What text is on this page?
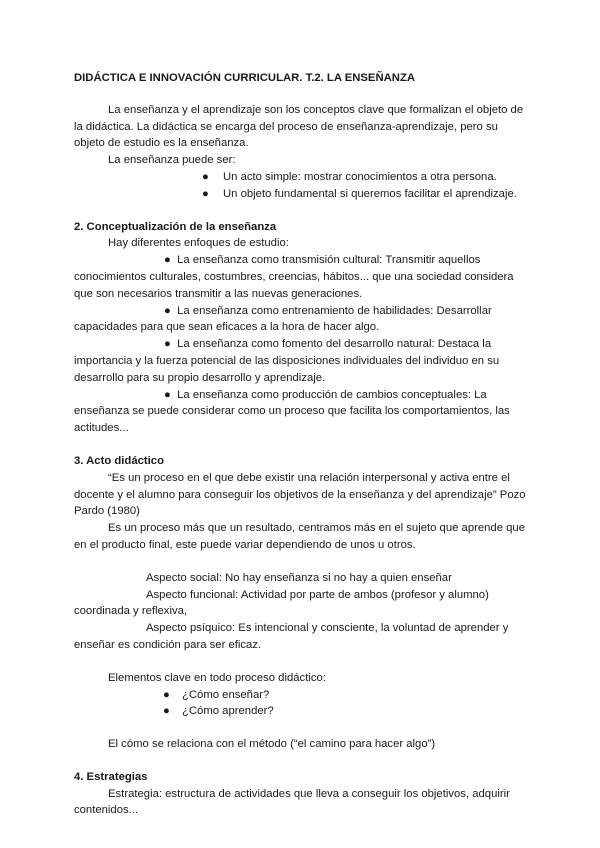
DIDÁCTICA E INNOVACIÓN CURRICULAR. T.2. LA ENSEÑANZA

La enseñanza y el aprendizaje son los conceptos clave que formalizan el objeto de la didáctica. La didáctica se encarga del proceso de enseñanza-aprendizaje, pero su objeto de estudio es la enseñanza.

La enseñanza puede ser:

● Un acto simple: mostrar conocimientos a otra persona.
● Un objeto fundamental si queremos facilitar el aprendizaje.

2. Conceptualización de la enseñanza

Hay diferentes enfoques de estudio:

● La enseñanza como transmisión cultural: Transmitir aquellos conocimientos culturales, costumbres, creencias, hábitos... que una sociedad considera que son necesarios transmitir a las nuevas generaciones.

● La enseñanza como entrenamiento de habilidades: Desarrollar capacidades para que sean eficaces a la hora de hacer algo.

● La enseñanza como fomento del desarrollo natural: Destaca la importancia y la fuerza potencial de las disposiciones individuales del individuo en su desarrollo para su propio desarrollo y aprendizaje.

● La enseñanza como producción de cambios conceptuales: La enseñanza se puede considerar como un proceso que facilita los comportamientos, las actitudes...

3. Acto didáctico

“Es un proceso en el que debe existir una relación interpersonal y activa entre el docente y el alumno para conseguir los objetivos de la enseñanza y del aprendizaje” Pozo Pardo (1980)

Es un proceso más que un resultado, centramos más en el sujeto que aprende que en el producto final, este puede variar dependiendo de unos u otros.

Aspecto social: No hay enseñanza si no hay a quien enseñar

Aspecto funcional: Actividad por parte de ambos (profesor y alumno) coordinada y reflexiva,

Aspecto psíquico: Es intencional y consciente, la voluntad de aprender y enseñar es condición para ser eficaz.

Elementos clave en todo proceso didáctico:

● ¿Cómo enseñar?
● ¿Cómo aprender?

El cómo se relaciona con el método (“el camino para hacer algo”)

4. Estrategias

Estrategia: estructura de actividades que lleva a conseguir los objetivos, adquirir contenidos...
